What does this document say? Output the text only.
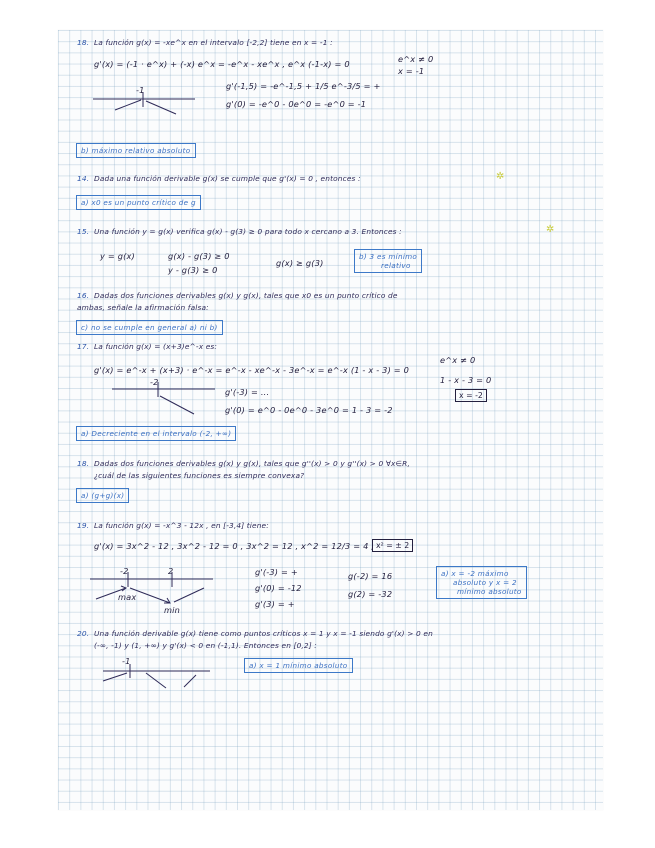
18. La función g(x) = -xe^x en el intervalo [-2,2] tiene en x = -1 :
g'(x) = (-1 · e^x) + (-x) e^x = -e^x - xe^x , e^x (-1-x) = 0	e^x ≠ 0
x = -1
g'(-1,5) = -e^-1,5 + 1/5 e^-3/5 = +
g'(0) = -e^0 - 0e^0 = -e^0 = -1
-1
b) máximo relativo absoluto
14. Dada una función derivable g(x) se cumple que g'(x) = 0 , entonces :	✲
a) x0 es un punto crítico de g
15. Una función y = g(x) verifica g(x) - g(3) ≥ 0 para todo x cercano a 3. Entonces :	✲
y = g(x)	g(x) - g(3) ≥ 0
y - g(3) ≥ 0
g(x) ≥ g(3)
b) 3 es mínimo
relativo
16. Dadas dos funciones derivables g(x) y g(x), tales que x0 es un punto crítico de
ambas, señale la afirmación falsa:
c) no se cumple en general a) ni b)
17. La función g(x) = (x+3)e^-x es:
g'(x) = e^-x + (x+3) · e^-x = e^-x - xe^-x - 3e^-x = e^-x (1 - x - 3) = 0
e^x ≠ 0
1 - x - 3 = 0
x = -2
-2
g'(-3) = ...
g'(0) = e^0 - 0e^0 - 3e^0 = 1 - 3 = -2
a) Decreciente en el intervalo (-2, +∞)
18. Dadas dos funciones derivables g(x) y g(x), tales que g''(x) > 0 y g''(x) > 0 ∀x∈R,
¿cuál de las siguientes funciones es siempre convexa?
a) (g+g)(x)
19. La función g(x) = -x^3 - 12x , en [-3,4] tiene:
g'(x) = 3x^2 - 12 , 3x^2 - 12 = 0 , 3x^2 = 12 , x^2 = 12/3 = 4 , x² = ± 2
-2	2
max
min
g'(-3) = +
g'(0) = -12
g'(3) = +
g(-2) = 16
g(2) = -32
a) x = -2 máximo
absoluto y x = 2
mínimo absoluto
20. Una función derivable g(x) tiene como puntos críticos x = 1 y x = -1 siendo g'(x) > 0 en
(-∞, -1) y (1, +∞) y g'(x) < 0 en (-1,1). Entonces en [0,2] :
-1	a) x = 1 mínimo absoluto
